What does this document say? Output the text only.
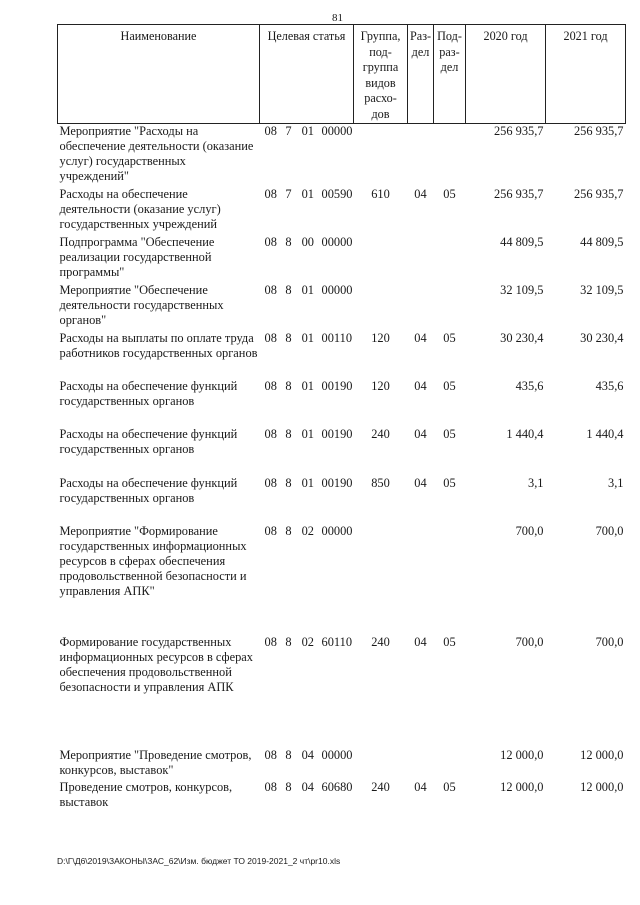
81
Наименование	Целевая статья	Группа, под-группа видов расхо-дов	Раз-дел	Под-раз-дел	2020 год	2021 год
Мероприятие "Расходы на обеспечение деятельности (оказание услуг) государственных учреждений"	08 7 01 00000				256 935,7	256 935,7
Расходы на обеспечение деятельности (оказание услуг) государственных учреждений	08 7 01 00590	610	04	05	256 935,7	256 935,7
Подпрограмма "Обеспечение реализации государственной программы"	08 8 00 00000				44 809,5	44 809,5
Мероприятие "Обеспечение деятельности государственных органов"	08 8 01 00000				32 109,5	32 109,5
Расходы на выплаты по оплате труда работников государственных органов	08 8 01 00110	120	04	05	30 230,4	30 230,4
Расходы на обеспечение функций государственных органов	08 8 01 00190	120	04	05	435,6	435,6
Расходы на обеспечение функций государственных органов	08 8 01 00190	240	04	05	1 440,4	1 440,4
Расходы на обеспечение функций государственных органов	08 8 01 00190	850	04	05	3,1	3,1
Мероприятие "Формирование государственных информационных ресурсов в сферах обеспечения продовольственной безопасности и управления АПК"	08 8 02 00000				700,0	700,0
Формирование государственных информационных ресурсов в сферах обеспечения продовольственной безопасности и управления АПК	08 8 02 60110	240	04	05	700,0	700,0
Мероприятие "Проведение смотров, конкурсов, выставок"	08 8 04 00000				12 000,0	12 000,0
Проведение смотров, конкурсов, выставок	08 8 04 60680	240	04	05	12 000,0	12 000,0
D:\Г\Д6\2019\ЗАКОНЫ\ЗАС_62\Изм. бюджет ТО 2019-2021_2 чт\pr10.xls
